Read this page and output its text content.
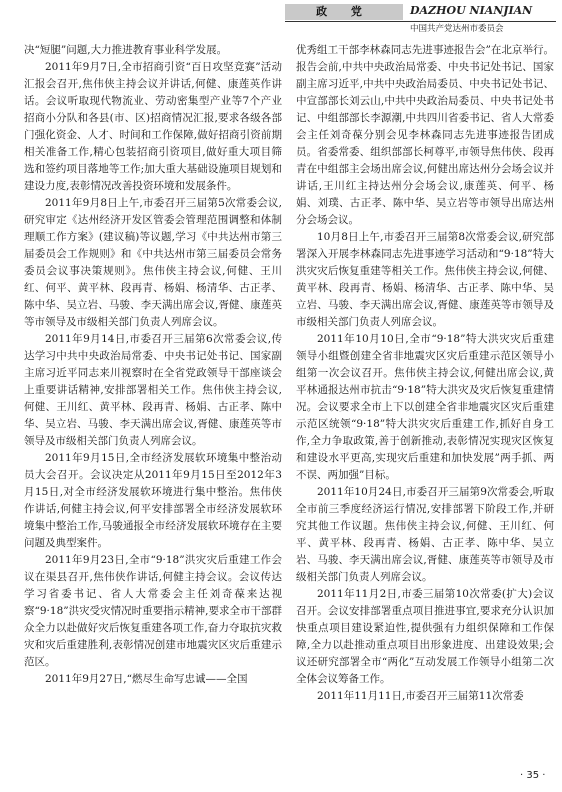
政 党	DAZHOU NIANJIAN
中国共产党达州市委员会

决“短腿”问题,大力推进教育事业科学发展。

2011年9月7日,全市招商引资“百日攻坚竞赛”活动汇报会召开,焦伟侠主持会议并讲话,何健、康莲英作讲话。会议听取现代物流业、劳动密集型产业等7个产业招商小分队和各县(市、区)招商情况汇报,要求各级各部门强化资金、人才、时间和工作保障,做好招商引资前期相关准备工作,精心包装招商引资项目,做好重大项目筛选和签约项目落地等工作;加大重大基础设施项目规划和建设力度,表彰情况改善投资环境和发展条件。

2011年9月8日上午,市委召开三届第5次常委会议,研究审定《达州经济开发区管委会管理范围调整和体制理顺工作方案》(建议稿)等议题,学习《中共达州市第三届委员会工作规则》和《中共达州市第三届委员会常务委员会议事决策规则》。焦伟侠主持会议,何健、王川红、何平、黄平林、段再青、杨娟、杨清华、古正孝、陈中华、吴立岩、马骏、李天满出席会议,胥健、康莲英等市领导及市级相关部门负责人列席会议。

2011年9月14日,市委召开三届第6次常委会议,传达学习中共中央政治局常委、中央书记处书记、国家副主席习近平同志来川视察时在全省党政领导干部座谈会上重要讲话精神,安排部署相关工作。焦伟侠主持会议,何健、王川红、黄平林、段再青、杨娟、古正孝、陈中华、吴立岩、马骏、李天满出席会议,胥健、康莲英等市领导及市级相关部门负责人列席会议。

2011年9月15日,全市经济发展软环境集中整治动员大会召开。会议决定从2011年9月15日至2012年3月15日,对全市经济发展软环境进行集中整治。焦伟侠作讲话,何健主持会议,何平安排部署全市经济发展软环境集中整治工作,马骏通报全市经济发展软环境存在主要问题及典型案件。

2011年9月23日,全市“9·18”洪灾灾后重建工作会议在渠县召开,焦伟侠作讲话,何健主持会议。会议传达学习省委书记、省人大常委会主任刘奇葆来达视察“9·18”洪灾受灾情况时重要指示精神,要求全市干部群众全力以赴做好灾后恢复重建各项工作,奋力夺取抗灾救灾和灾后重建胜利,表彰情况创建市地震灾区灾后重建示范区。

2011年9月27日,“燃尽生命写忠诚——全国

优秀组工干部李林森同志先进事迹报告会”在北京举行。报告会前,中共中央政治局常委、中央书记处书记、国家副主席习近平,中共中央政治局委员、中央书记处书记、中宣部部长刘云山,中共中央政治局委员、中央书记处书记、中组部部长李源潮,中共四川省委书记、省人大常委会主任刘奇葆分别会见李林森同志先进事迹报告团成员。省委常委、组织部部长柯尊平,市领导焦伟侠、段再青在中组部主会场出席会议,何健出席达州分会场会议并讲话,王川红主持达州分会场会议,康莲英、何平、杨娟、刘璞、古正孝、陈中华、吴立岩等市领导出席达州分会场会议。

10月8日上午,市委召开三届第8次常委会议,研究部署深入开展李林森同志先进事迹学习活动和“9·18”特大洪灾灾后恢复重建等相关工作。焦伟侠主持会议,何健、黄平林、段再青、杨娟、杨清华、古正孝、陈中华、吴立岩、马骏、李天满出席会议,胥健、康莲英等市领导及市级相关部门负责人列席会议。

2011年10月10日,全市“9·18”特大洪灾灾后重建领导小组暨创建全省非地震灾区灾后重建示范区领导小组第一次会议召开。焦伟侠主持会议,何健出席会议,黄平林通报达州市抗击“9·18”特大洪灾及灾后恢复重建情况。会议要求全市上下以创建全省非地震灾区灾后重建示范区统领“9·18”特大洪灾灾后重建工作,抓好自身工作,全力争取政策,善于创新推动,表彰情况实现灾区恢复和建设水平更高,实现灾后重建和加快发展”两手抓、两不误、两加强”目标。

2011年10月24日,市委召开三届第9次常委会,听取全市前三季度经济运行情况,安排部署下阶段工作,并研究其他工作议题。焦伟侠主持会议,何健、王川红、何平、黄平林、段再青、杨娟、古正孝、陈中华、吴立岩、马骏、李天满出席会议,胥健、康莲英等市领导及市级相关部门负责人列席会议。

2011年11月2日,市委三届第10次常委(扩大)会议召开。会议安排部署重点项目推进事宜,要求充分认识加快重点项目建设紧迫性,提供强有力组织保障和工作保障,全力以赴推动重点项目出形象进度、出建设效果;会议还研究部署全市“两化”互动发展工作领导小组第二次全体会议筹备工作。

2011年11月11日,市委召开三届第11次常委

· 35 ·
